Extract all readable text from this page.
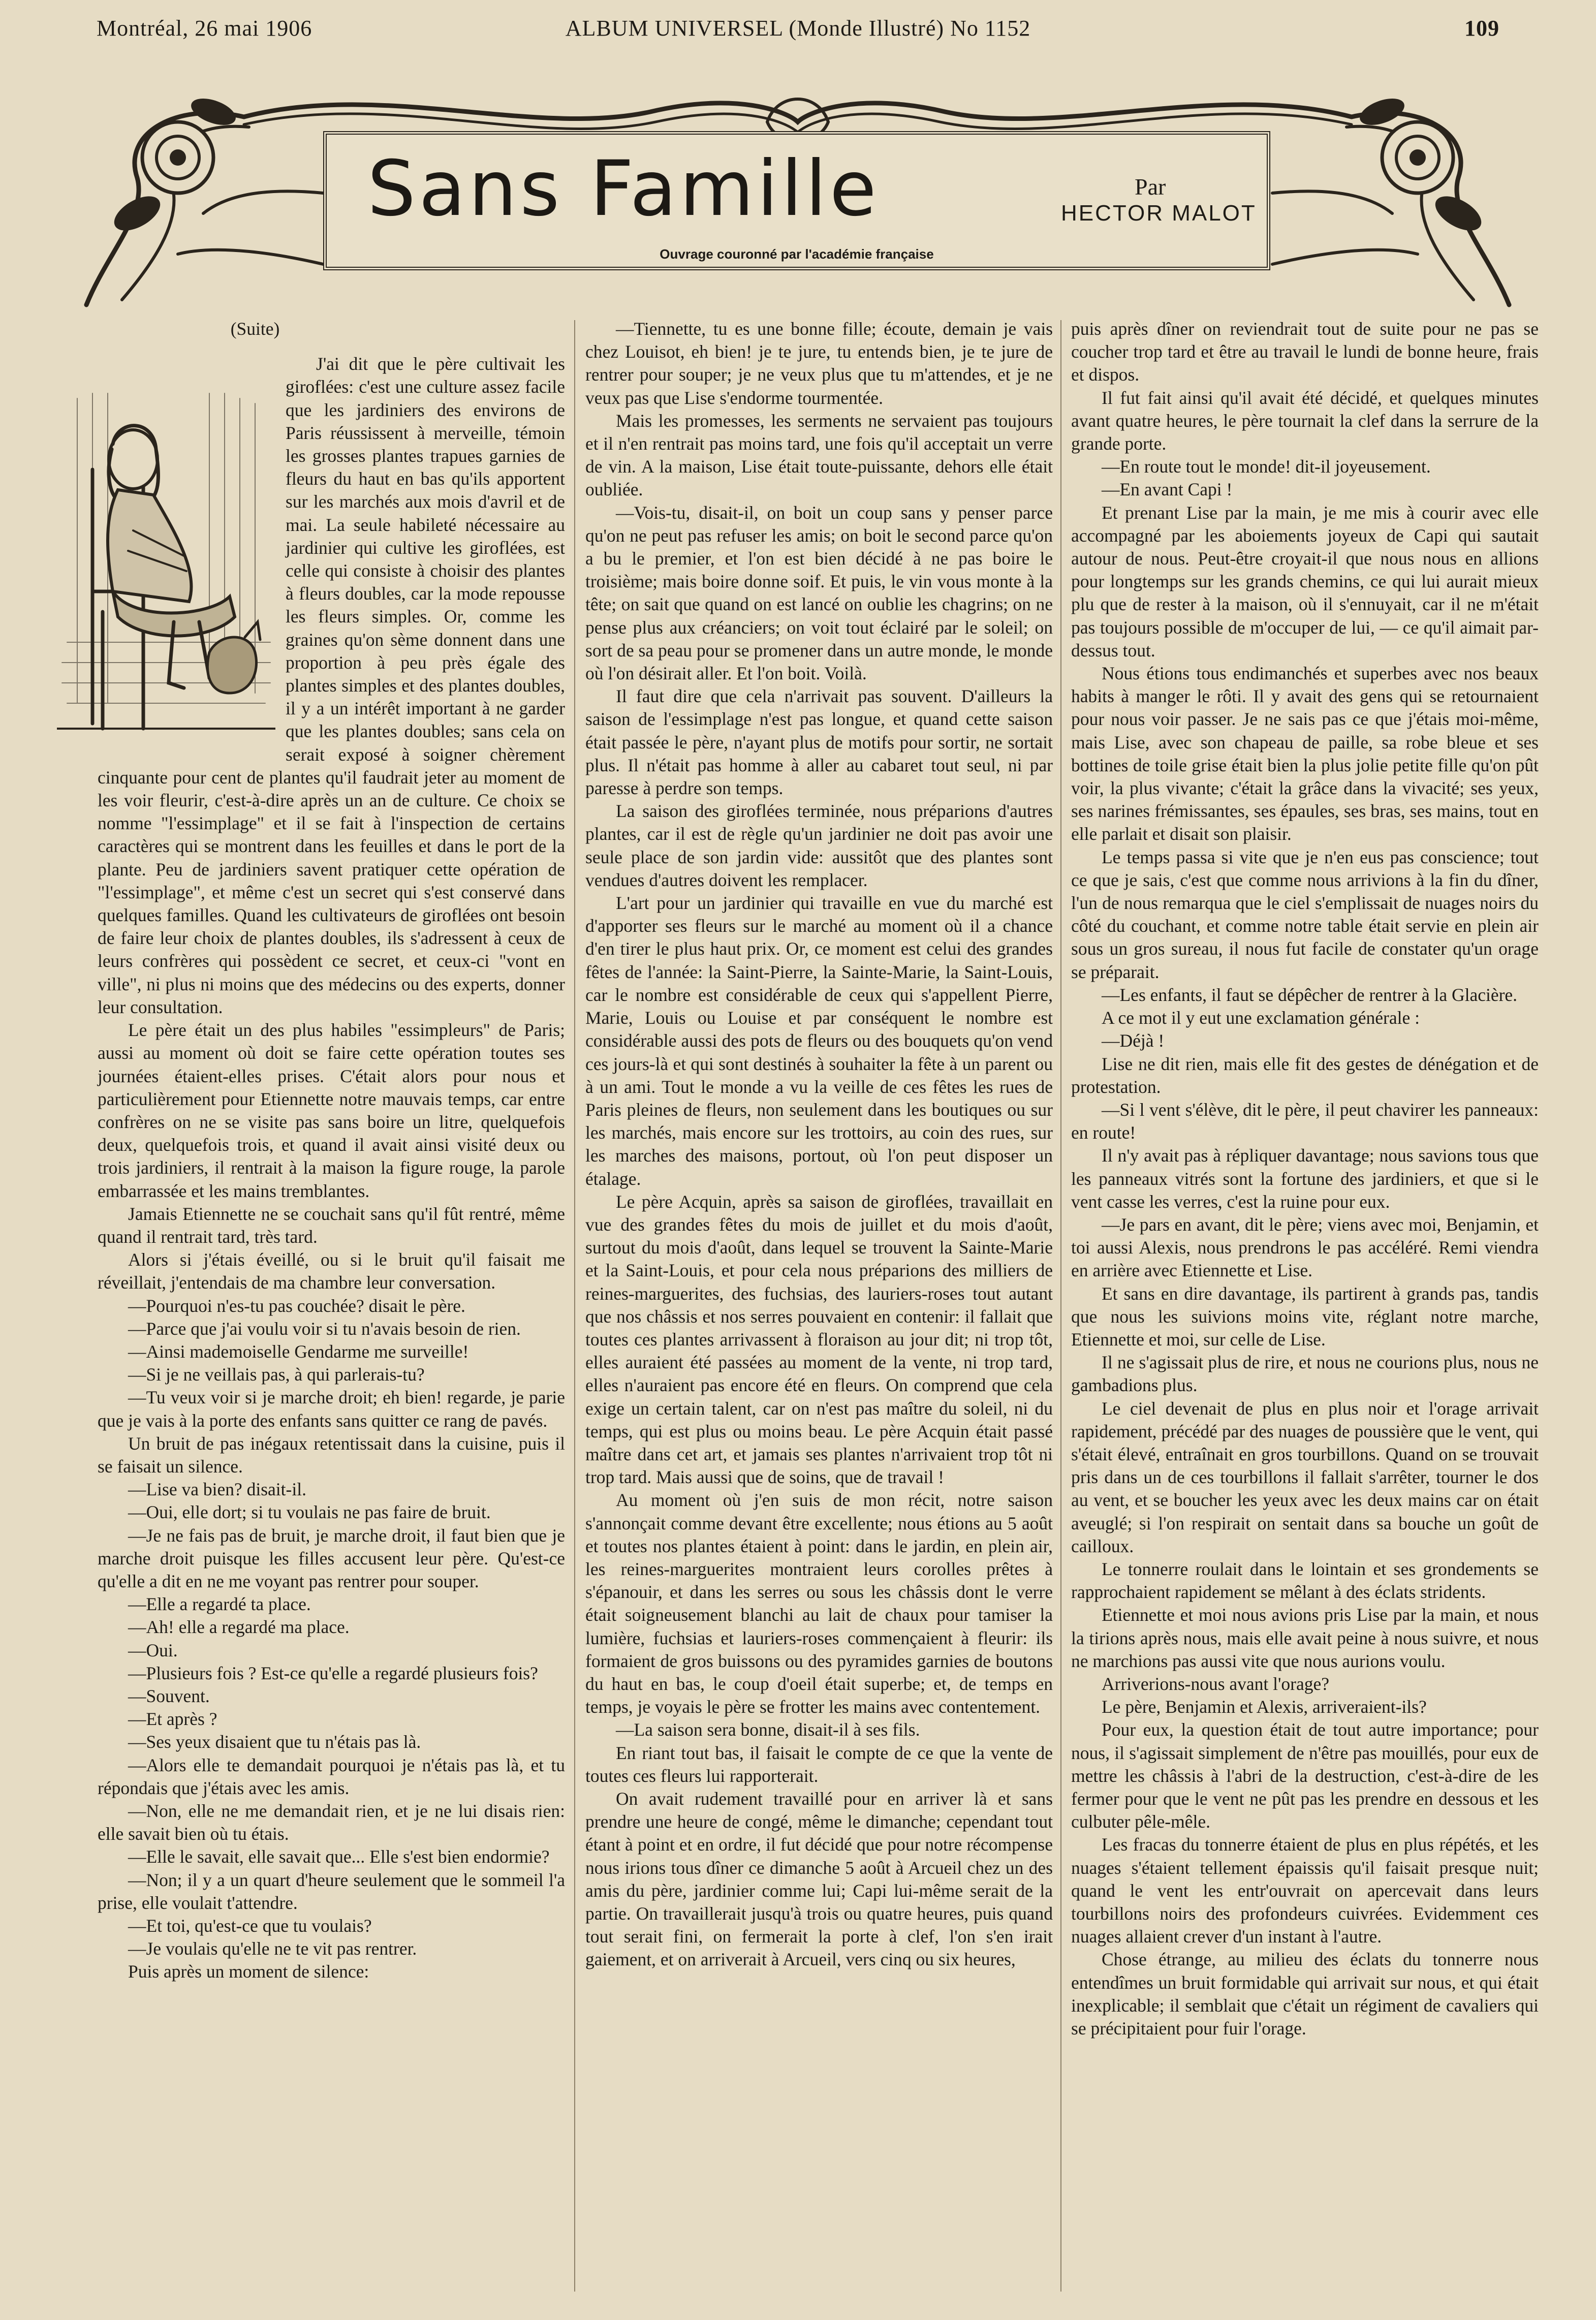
Montréal, 26 mai 1906	ALBUM UNIVERSEL (Monde Illustré) No 1152	109
Sans Famille	Par
HECTOR MALOT
Ouvrage couronné par l'académie française

(Suite)

J'ai dit que le père cultivait les giroflées: c'est une culture assez facile que les jardiniers des environs de Paris réussissent à merveille, témoin les grosses plantes trapues garnies de fleurs du haut en bas qu'ils apportent sur les marchés aux mois d'avril et de mai. La seule habileté nécessaire au jardinier qui cultive les giroflées, est celle qui consiste à choisir des plantes à fleurs doubles, car la mode repousse les fleurs simples. Or, comme les graines qu'on sème donnent dans une proportion à peu près égale des plantes simples et des plantes doubles, il y a un intérêt important à ne garder que les plantes doubles; sans cela on serait exposé à soigner chèrement cinquante pour cent de plantes qu'il faudrait jeter au moment de les voir fleurir, c'est-à-dire après un an de culture. Ce choix se nomme "l'essimplage" et il se fait à l'inspection de certains caractères qui se montrent dans les feuilles et dans le port de la plante. Peu de jardiniers savent pratiquer cette opération de "l'essimplage", et même c'est un secret qui s'est conservé dans quelques familles. Quand les cultivateurs de giroflées ont besoin de faire leur choix de plantes doubles, ils s'adressent à ceux de leurs confrères qui possèdent ce secret, et ceux-ci "vont en ville", ni plus ni moins que des médecins ou des experts, donner leur consultation.

Le père était un des plus habiles "essimpleurs" de Paris; aussi au moment où doit se faire cette opération toutes ses journées étaient-elles prises. C'était alors pour nous et particulièrement pour Etiennette notre mauvais temps, car entre confrères on ne se visite pas sans boire un litre, quelquefois deux, quelquefois trois, et quand il avait ainsi visité deux ou trois jardiniers, il rentrait à la maison la figure rouge, la parole embarrassée et les mains tremblantes.

Jamais Etiennette ne se couchait sans qu'il fût rentré, même quand il rentrait tard, très tard.

Alors si j'étais éveillé, ou si le bruit qu'il faisait me réveillait, j'entendais de ma chambre leur conversation.

—Pourquoi n'es-tu pas couchée? disait le père.

—Parce que j'ai voulu voir si tu n'avais besoin de rien.

—Ainsi mademoiselle Gendarme me surveille!

—Si je ne veillais pas, à qui parlerais-tu?

—Tu veux voir si je marche droit; eh bien! regarde, je parie que je vais à la porte des enfants sans quitter ce rang de pavés.

Un bruit de pas inégaux retentissait dans la cuisine, puis il se faisait un silence.

—Lise va bien? disait-il.

—Oui, elle dort; si tu voulais ne pas faire de bruit.

—Je ne fais pas de bruit, je marche droit, il faut bien que je marche droit puisque les filles accusent leur père. Qu'est-ce qu'elle a dit en ne me voyant pas rentrer pour souper.

—Elle a regardé ta place.

—Ah! elle a regardé ma place.

—Oui.

—Plusieurs fois ? Est-ce qu'elle a regardé plusieurs fois?

—Souvent.

—Et après ?

—Ses yeux disaient que tu n'étais pas là.

—Alors elle te demandait pourquoi je n'étais pas là, et tu répondais que j'étais avec les amis.

—Non, elle ne me demandait rien, et je ne lui disais rien: elle savait bien où tu étais.

—Elle le savait, elle savait que... Elle s'est bien endormie?

—Non; il y a un quart d'heure seulement que le sommeil l'a prise, elle voulait t'attendre.

—Et toi, qu'est-ce que tu voulais?

—Je voulais qu'elle ne te vit pas rentrer.

Puis après un moment de silence:

—Tiennette, tu es une bonne fille; écoute, demain je vais chez Louisot, eh bien! je te jure, tu entends bien, je te jure de rentrer pour souper; je ne veux plus que tu m'attendes, et je ne veux pas que Lise s'endorme tourmentée.

Mais les promesses, les serments ne servaient pas toujours et il n'en rentrait pas moins tard, une fois qu'il acceptait un verre de vin. A la maison, Lise était toute-puissante, dehors elle était oubliée.

—Vois-tu, disait-il, on boit un coup sans y penser parce qu'on ne peut pas refuser les amis; on boit le second parce qu'on a bu le premier, et l'on est bien décidé à ne pas boire le troisième; mais boire donne soif. Et puis, le vin vous monte à la tête; on sait que quand on est lancé on oublie les chagrins; on ne pense plus aux créanciers; on voit tout éclairé par le soleil; on sort de sa peau pour se promener dans un autre monde, le monde où l'on désirait aller. Et l'on boit. Voilà.

Il faut dire que cela n'arrivait pas souvent. D'ailleurs la saison de l'essimplage n'est pas longue, et quand cette saison était passée le père, n'ayant plus de motifs pour sortir, ne sortait plus. Il n'était pas homme à aller au cabaret tout seul, ni par paresse à perdre son temps.

La saison des giroflées terminée, nous préparions d'autres plantes, car il est de règle qu'un jardinier ne doit pas avoir une seule place de son jardin vide: aussitôt que des plantes sont vendues d'autres doivent les remplacer.

L'art pour un jardinier qui travaille en vue du marché est d'apporter ses fleurs sur le marché au moment où il a chance d'en tirer le plus haut prix. Or, ce moment est celui des grandes fêtes de l'année: la Saint-Pierre, la Sainte-Marie, la Saint-Louis, car le nombre est considérable de ceux qui s'appellent Pierre, Marie, Louis ou Louise et par conséquent le nombre est considérable aussi des pots de fleurs ou des bouquets qu'on vend ces jours-là et qui sont destinés à souhaiter la fête à un parent ou à un ami. Tout le monde a vu la veille de ces fêtes les rues de Paris pleines de fleurs, non seulement dans les boutiques ou sur les marchés, mais encore sur les trottoirs, au coin des rues, sur les marches des maisons, portout, où l'on peut disposer un étalage.

Le père Acquin, après sa saison de giroflées, travaillait en vue des grandes fêtes du mois de juillet et du mois d'août, surtout du mois d'août, dans lequel se trouvent la Sainte-Marie et la Saint-Louis, et pour cela nous préparions des milliers de reines-marguerites, des fuchsias, des lauriers-roses tout autant que nos châssis et nos serres pouvaient en contenir: il fallait que toutes ces plantes arrivassent à floraison au jour dit; ni trop tôt, elles auraient été passées au moment de la vente, ni trop tard, elles n'auraient pas encore été en fleurs. On comprend que cela exige un certain talent, car on n'est pas maître du soleil, ni du temps, qui est plus ou moins beau. Le père Acquin était passé maître dans cet art, et jamais ses plantes n'arrivaient trop tôt ni trop tard. Mais aussi que de soins, que de travail !

Au moment où j'en suis de mon récit, notre saison s'annonçait comme devant être excellente; nous étions au 5 août et toutes nos plantes étaient à point: dans le jardin, en plein air, les reines-marguerites montraient leurs corolles prêtes à s'épanouir, et dans les serres ou sous les châssis dont le verre était soigneusement blanchi au lait de chaux pour tamiser la lumière, fuchsias et lauriers-roses commençaient à fleurir: ils formaient de gros buissons ou des pyramides garnies de boutons du haut en bas, le coup d'oeil était superbe; et, de temps en temps, je voyais le père se frotter les mains avec contentement.

—La saison sera bonne, disait-il à ses fils.

En riant tout bas, il faisait le compte de ce que la vente de toutes ces fleurs lui rapporterait.

On avait rudement travaillé pour en arriver là et sans prendre une heure de congé, même le dimanche; cependant tout étant à point et en ordre, il fut décidé que pour notre récompense nous irions tous dîner ce dimanche 5 août à Arcueil chez un des amis du père, jardinier comme lui; Capi lui-même serait de la partie. On travaillerait jusqu'à trois ou quatre heures, puis quand tout serait fini, on fermerait la porte à clef, l'on s'en irait gaiement, et on arriverait à Arcueil, vers cinq ou six heures,

puis après dîner on reviendrait tout de suite pour ne pas se coucher trop tard et être au travail le lundi de bonne heure, frais et dispos.

Il fut fait ainsi qu'il avait été décidé, et quelques minutes avant quatre heures, le père tournait la clef dans la serrure de la grande porte.

—En route tout le monde! dit-il joyeusement.

—En avant Capi !

Et prenant Lise par la main, je me mis à courir avec elle accompagné par les aboiements joyeux de Capi qui sautait autour de nous. Peut-être croyait-il que nous nous en allions pour longtemps sur les grands chemins, ce qui lui aurait mieux plu que de rester à la maison, où il s'ennuyait, car il ne m'était pas toujours possible de m'occuper de lui, — ce qu'il aimait par-dessus tout.

Nous étions tous endimanchés et superbes avec nos beaux habits à manger le rôti. Il y avait des gens qui se retournaient pour nous voir passer. Je ne sais pas ce que j'étais moi-même, mais Lise, avec son chapeau de paille, sa robe bleue et ses bottines de toile grise était bien la plus jolie petite fille qu'on pût voir, la plus vivante; c'était la grâce dans la vivacité; ses yeux, ses narines frémissantes, ses épaules, ses bras, ses mains, tout en elle parlait et disait son plaisir.

Le temps passa si vite que je n'en eus pas conscience; tout ce que je sais, c'est que comme nous arrivions à la fin du dîner, l'un de nous remarqua que le ciel s'emplissait de nuages noirs du côté du couchant, et comme notre table était servie en plein air sous un gros sureau, il nous fut facile de constater qu'un orage se préparait.

—Les enfants, il faut se dépêcher de rentrer à la Glacière.

A ce mot il y eut une exclamation générale :

—Déjà !

Lise ne dit rien, mais elle fit des gestes de dénégation et de protestation.

—Si l vent s'élève, dit le père, il peut chavirer les panneaux: en route!

Il n'y avait pas à répliquer davantage; nous savions tous que les panneaux vitrés sont la fortune des jardiniers, et que si le vent casse les verres, c'est la ruine pour eux.

—Je pars en avant, dit le père; viens avec moi, Benjamin, et toi aussi Alexis, nous prendrons le pas accéléré. Remi viendra en arrière avec Etiennette et Lise.

Et sans en dire davantage, ils partirent à grands pas, tandis que nous les suivions moins vite, réglant notre marche, Etiennette et moi, sur celle de Lise.

Il ne s'agissait plus de rire, et nous ne courions plus, nous ne gambadions plus.

Le ciel devenait de plus en plus noir et l'orage arrivait rapidement, précédé par des nuages de poussière que le vent, qui s'était élevé, entraînait en gros tourbillons. Quand on se trouvait pris dans un de ces tourbillons il fallait s'arrêter, tourner le dos au vent, et se boucher les yeux avec les deux mains car on était aveuglé; si l'on respirait on sentait dans sa bouche un goût de cailloux.

Le tonnerre roulait dans le lointain et ses grondements se rapprochaient rapidement se mêlant à des éclats stridents.

Etiennette et moi nous avions pris Lise par la main, et nous la tirions après nous, mais elle avait peine à nous suivre, et nous ne marchions pas aussi vite que nous aurions voulu.

Arriverions-nous avant l'orage?

Le père, Benjamin et Alexis, arriveraient-ils?

Pour eux, la question était de tout autre importance; pour nous, il s'agissait simplement de n'être pas mouillés, pour eux de mettre les châssis à l'abri de la destruction, c'est-à-dire de les fermer pour que le vent ne pût pas les prendre en dessous et les culbuter pêle-mêle.

Les fracas du tonnerre étaient de plus en plus répétés, et les nuages s'étaient tellement épaissis qu'il faisait presque nuit; quand le vent les entr'ouvrait on apercevait dans leurs tourbillons noirs des profondeurs cuivrées. Evidemment ces nuages allaient crever d'un instant à l'autre.

Chose étrange, au milieu des éclats du tonnerre nous entendîmes un bruit formidable qui arrivait sur nous, et qui était inexplicable; il semblait que c'était un régiment de cavaliers qui se précipitaient pour fuir l'orage.
